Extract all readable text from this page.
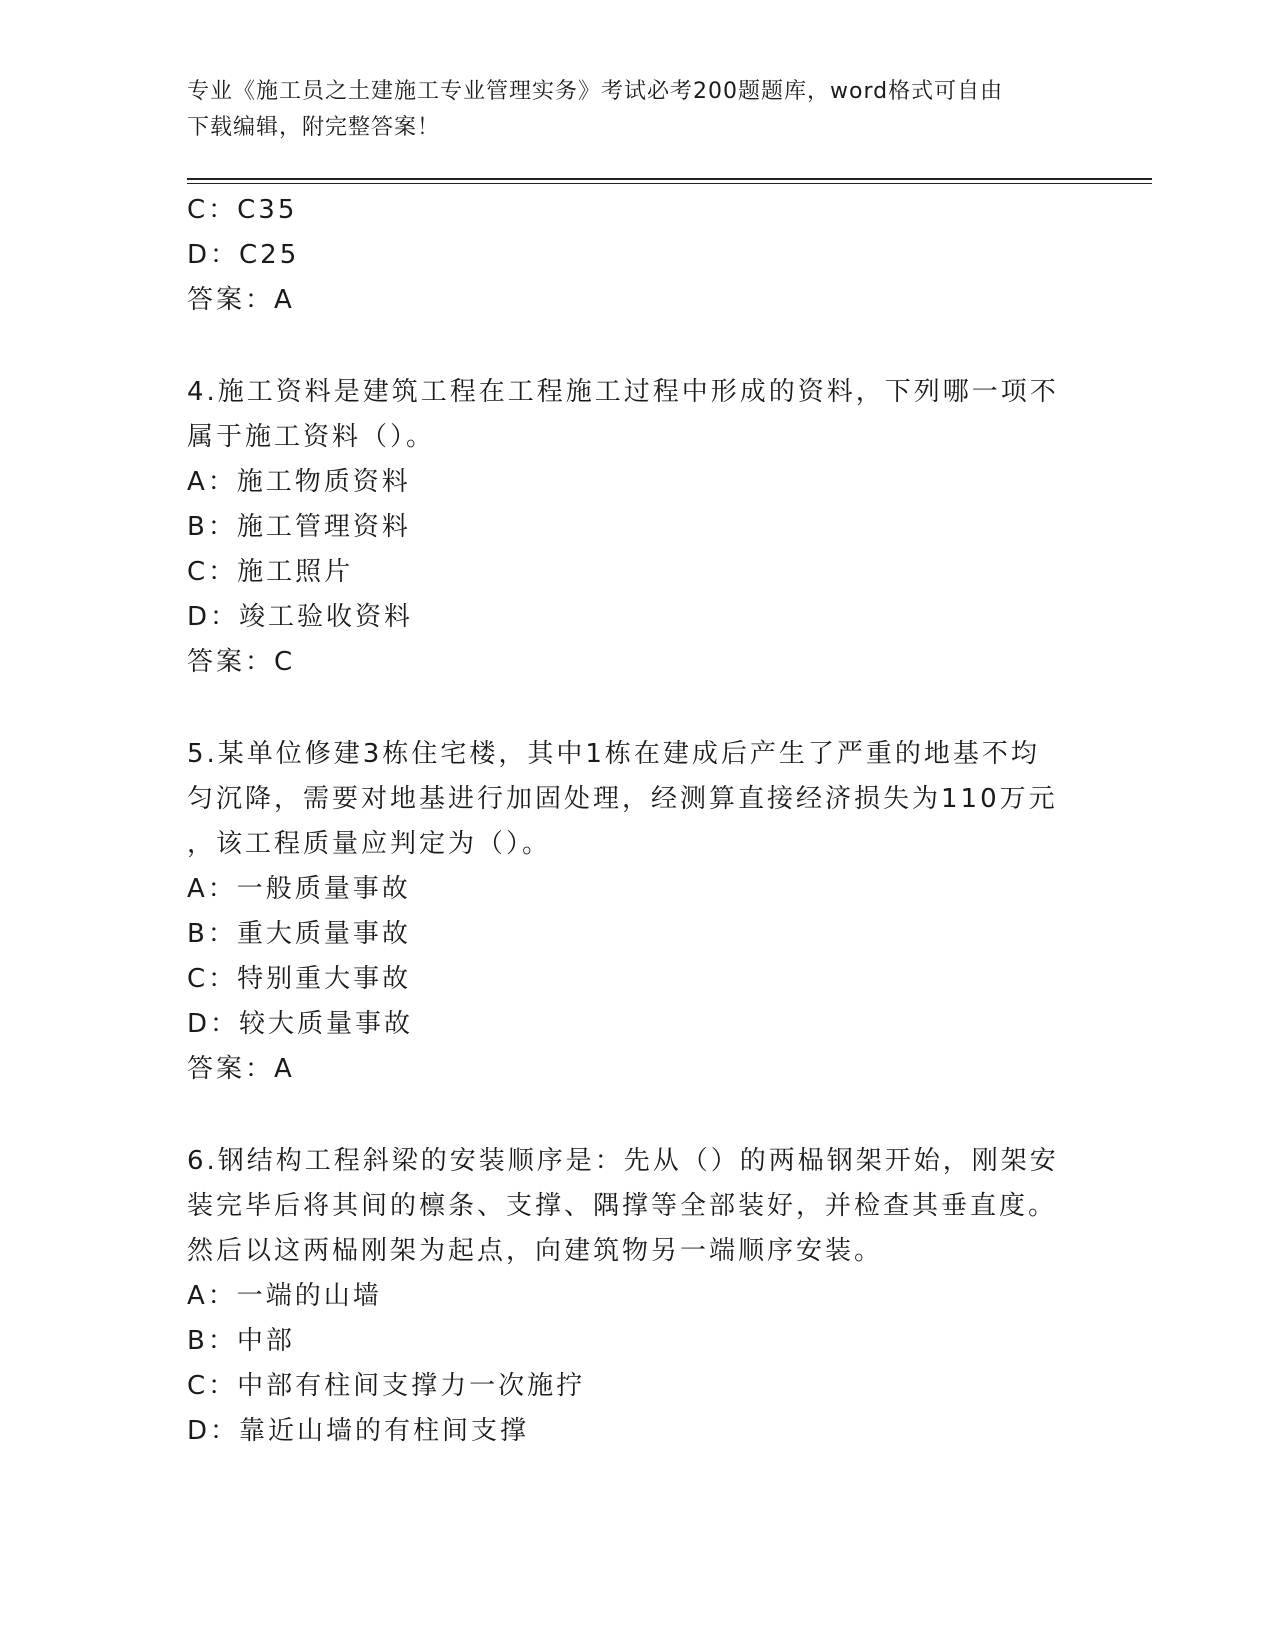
专业《施工员之土建施工专业管理实务》考试必考200题题库，word格式可自由
下载编辑，附完整答案！
C：C35
D：C25
答案：A
4.施工资料是建筑工程在工程施工过程中形成的资料，下列哪一项不
属于施工资料（）。
A：施工物质资料
B：施工管理资料
C：施工照片
D：竣工验收资料
答案：C
5.某单位修建3栋住宅楼，其中1栋在建成后产生了严重的地基不均
匀沉降，需要对地基进行加固处理，经测算直接经济损失为110万元
，该工程质量应判定为（）。
A：一般质量事故
B：重大质量事故
C：特别重大事故
D：较大质量事故
答案：A
6.钢结构工程斜梁的安装顺序是：先从（）的两榀钢架开始，刚架安
装完毕后将其间的檩条、支撑、隅撑等全部装好，并检查其垂直度。
然后以这两榀刚架为起点，向建筑物另一端顺序安装。
A：一端的山墙
B：中部
C：中部有柱间支撑力一次施拧
D：靠近山墙的有柱间支撑
